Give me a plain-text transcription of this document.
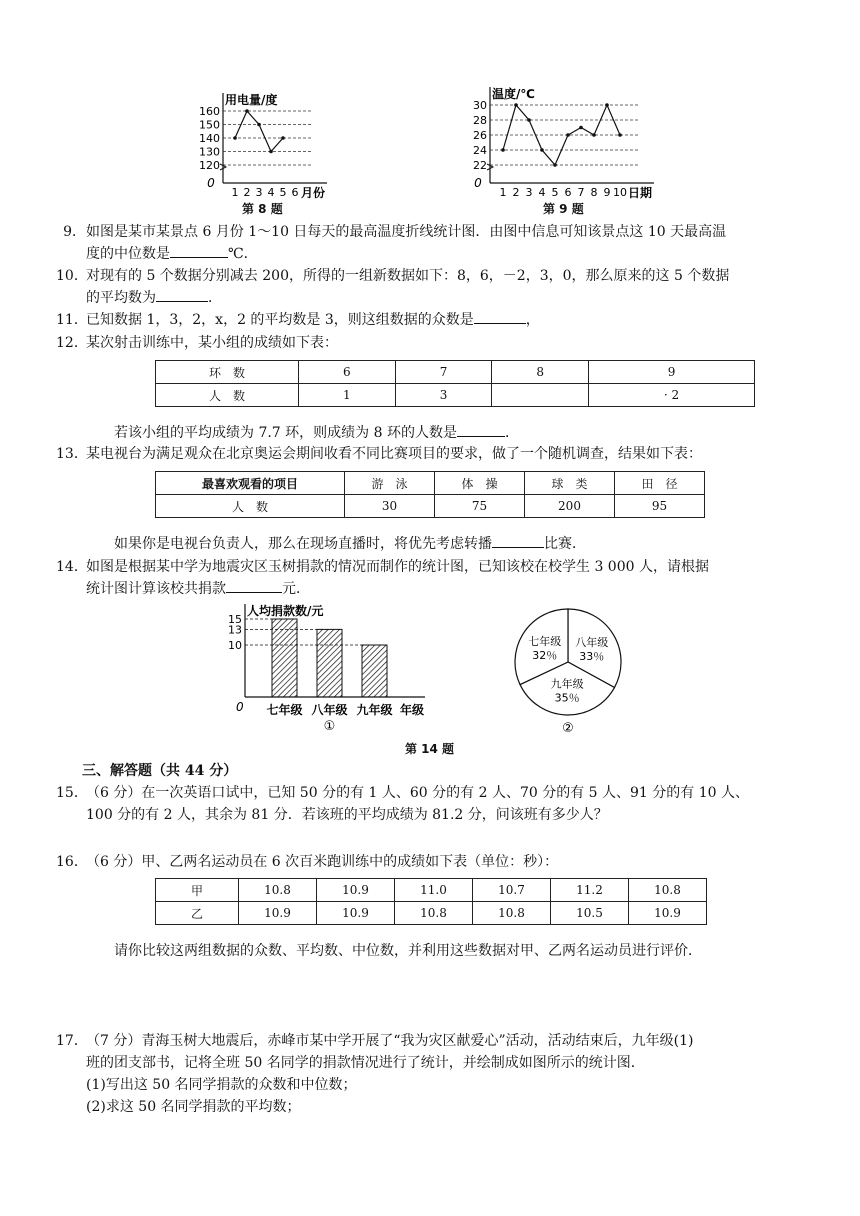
160
150
140
130
120
1 2 3 4 5 6
0
用电量/度
月份
第 8 题
30
28
26
24
22
1 2 3 4 5 6 7 8 9 10
0
温度/℃
日期
第 9 题
9．如图是某市某景点 6 月份 1～10 日每天的最高温度折线统计图．由图中信息可知该景点这 10 天最高温
度的中位数是	℃．
10．对现有的 5 个数据分别减去 200，所得的一组新数据如下：8，6，－2，3，0，那么原来的这 5 个数据
的平均数为	．
11．已知数据 1，3，2，x，2 的平均数是 3，则这组数据的众数是	，
12．某次射击训练中，某小组的成绩如下表：
环　数	6	7	8	9
人　数	1	3		· 2
若该小组的平均成绩为 7.7 环，则成绩为 8 环的人数是	．
13．某电视台为满足观众在北京奥运会期间收看不同比赛项目的要求，做了一个随机调查，结果如下表：
最喜欢观看的项目	游　泳	体　操	球　类	田　径
人　数	30	75	200	95
如果你是电视台负责人，那么在现场直播时，将优先考虑转播	比赛．
14．如图是根据某中学为地震灾区玉树捐款的情况而制作的统计图，已知该校在校学生 3 000 人，请根据
统计图计算该校共捐款	元．
人均捐款数/元
年级
0 七年级 八年级 九年级
15
13
10
①
七年级
32％
八年级
33％
九年级
35％
②
第 14 题
三、解答题（共 44 分）
15．（6 分）在一次英语口试中，已知 50 分的有 1 人、60 分的有 2 人、70 分的有 5 人、91 分的有 10 人、
100 分的有 2 人，其余为 81 分．若该班的平均成绩为 81.2 分，问该班有多少人？
16．（6 分）甲、乙两名运动员在 6 次百米跑训练中的成绩如下表（单位：秒）：
甲	10.8	10.9	11.0	10.7	11.2	10.8
乙	10.9	10.9	10.8	10.8	10.5	10.9
请你比较这两组数据的众数、平均数、中位数，并利用这些数据对甲、乙两名运动员进行评价．
17．（7 分）青海玉树大地震后，赤峰市某中学开展了“我为灾区献爱心”活动，活动结束后，九年级(1)
班的团支部书，记将全班 50 名同学的捐款情况进行了统计，并绘制成如图所示的统计图．
(1)写出这 50 名同学捐款的众数和中位数；
(2)求这 50 名同学捐款的平均数；
